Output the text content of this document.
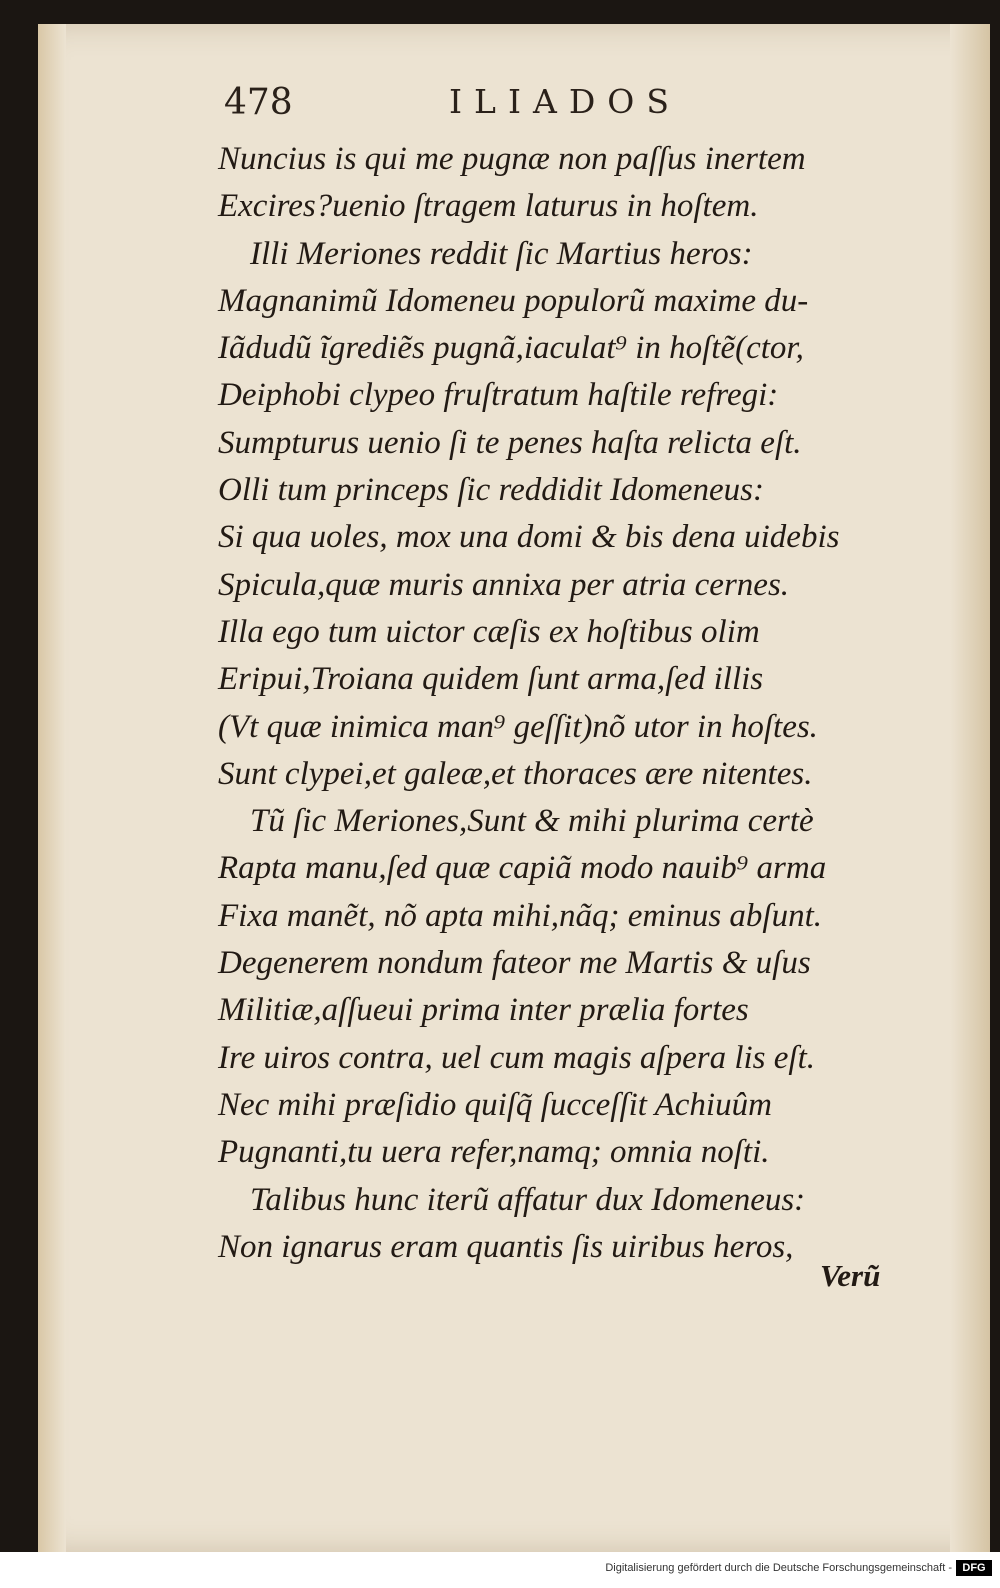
478	ILIADOS
Nuncius is qui me pugnæ non paſſus inertem
Excires?uenio ſtragem laturus in hoſtem.
Illi Meriones reddit ſic Martius heros:
Magnanimũ Idomeneu populorũ maxime du-
Iãdudũ ĩgrediẽs pugnã,iaculat⁹ in hoſtẽ(ctor,
Deiphobi clypeo fruſtratum haſtile refregi:
Sumpturus uenio ſi te penes haſta relicta eſt.
Olli tum princeps ſic reddidit Idomeneus:
Si qua uoles, mox una domi & bis dena uidebis
Spicula,quæ muris annixa per atria cernes.
Illa ego tum uictor cæſis ex hoſtibus olim
Eripui,Troiana quidem ſunt arma,ſed illis
(Vt quæ inimica man⁹ geſſit)nõ utor in hoſtes.
Sunt clypei,et galeæ,et thoraces ære nitentes.
Tũ ſic Meriones,Sunt & mihi plurima certè
Rapta manu,ſed quæ capiã modo nauib⁹ arma
Fixa manẽt, nõ apta mihi,nãq; eminus abſunt.
Degenerem nondum fateor me Martis & uſus
Militiæ,aſſueui prima inter prælia fortes
Ire uiros contra, uel cum magis aſpera lis eſt.
Nec mihi præſidio quiſq̃ ſucceſſit Achiuûm
Pugnanti,tu uera refer,namq; omnia noſti.
Talibus hunc iterũ affatur dux Idomeneus:
Non ignarus eram quantis ſis uiribus heros,
Verũ
Digitalisierung gefördert durch die Deutsche Forschungsgemeinschaft - DFG
